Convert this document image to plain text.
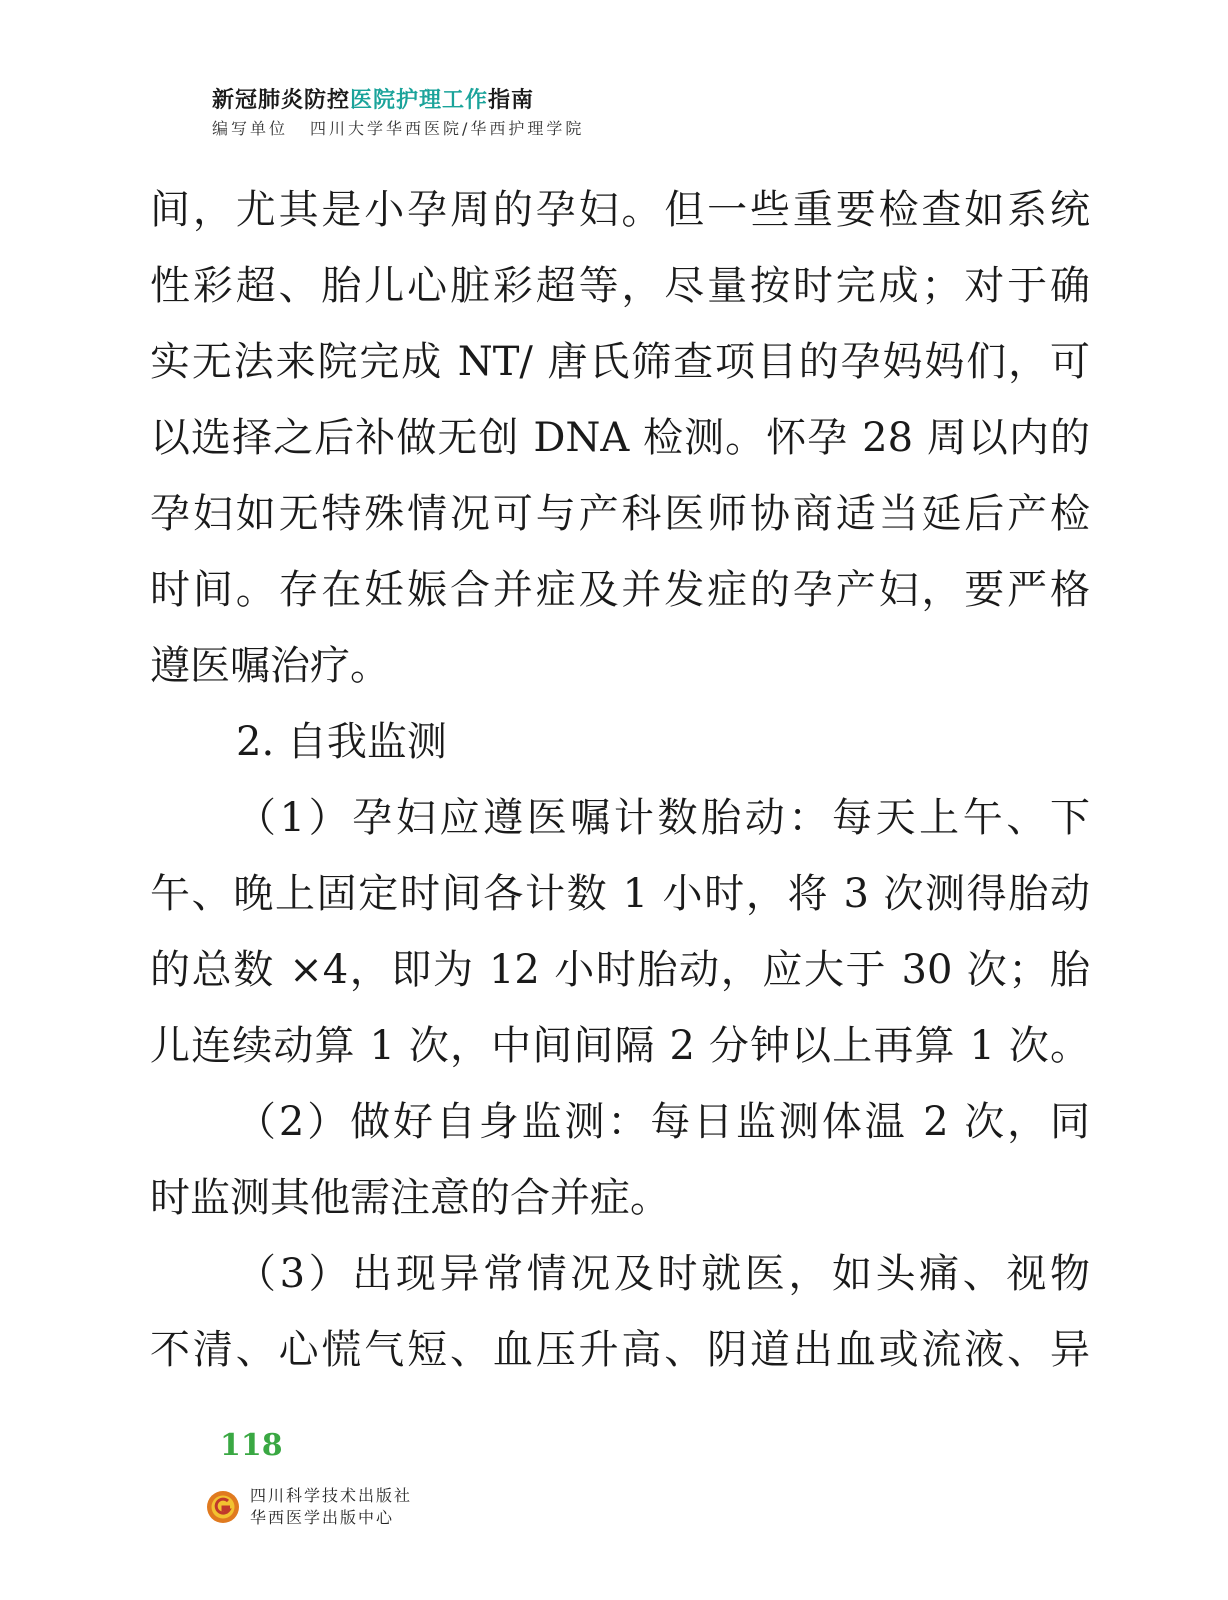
新冠肺炎防控医院护理工作指南
编写单位 四川大学华西医院/华西护理学院
间，尤其是小孕周的孕妇。但一些重要检查如系统
性彩超、胎儿心脏彩超等，尽量按时完成；对于确
实无法来院完成 NT/ 唐氏筛查项目的孕妈妈们，可
以选择之后补做无创 DNA 检测。怀孕 28 周以内的
孕妇如无特殊情况可与产科医师协商适当延后产检
时间。存在妊娠合并症及并发症的孕产妇，要严格
遵医嘱治疗。
2. 自我监测
（1）孕妇应遵医嘱计数胎动：每天上午、下
午、晚上固定时间各计数 1 小时，将 3 次测得胎动
的总数 ×4，即为 12 小时胎动，应大于 30 次；胎
儿连续动算 1 次，中间间隔 2 分钟以上再算 1 次。
（2）做好自身监测：每日监测体温 2 次，同
时监测其他需注意的合并症。
（3）出现异常情况及时就医，如头痛、视物
不清、心慌气短、血压升高、阴道出血或流液、异
118
四川科学技术出版社
华西医学出版中心
